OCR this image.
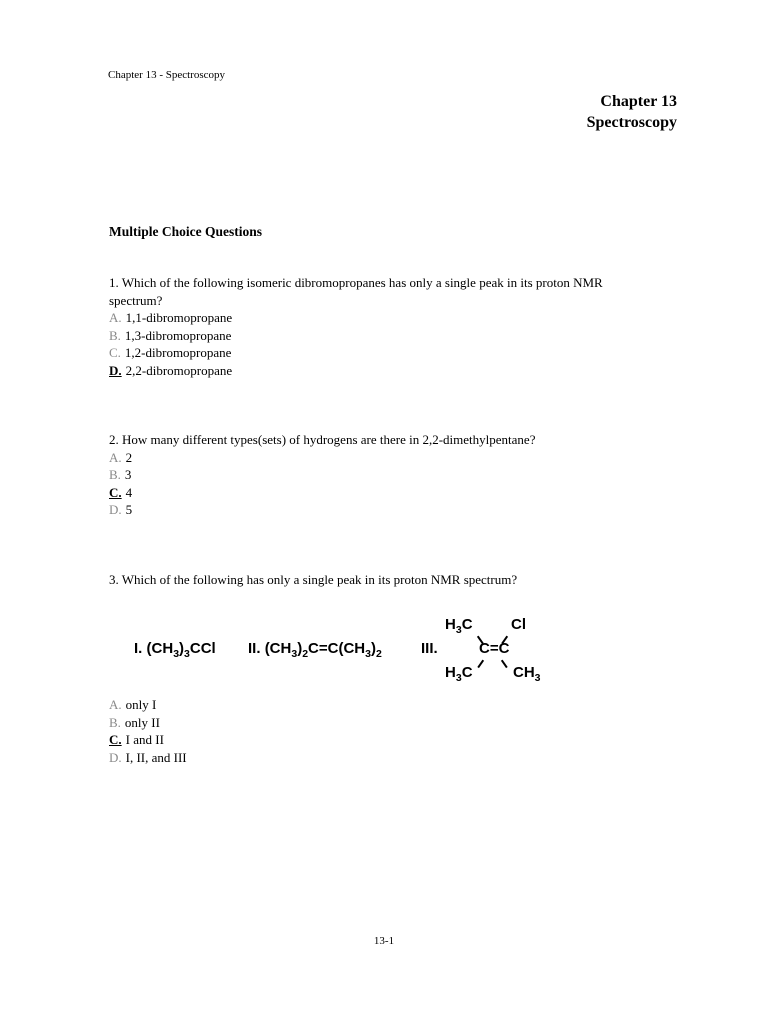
Chapter 13 - Spectroscopy
Chapter 13
Spectroscopy
Multiple Choice Questions

1. Which of the following isomeric dibromopropanes has only a single peak in its proton NMR spectrum?

A. 1,1-dibromopropane

B. 1,3-dibromopropane

C. 1,2-dibromopropane

D. 2,2-dibromopropane

2. How many different types(sets) of hydrogens are there in 2,2-dimethylpentane?

A. 2

B. 3

C. 4

D. 5

3. Which of the following has only a single peak in its proton NMR spectrum?

I. $(CH_3)_3CCl$ II. $(CH_3)_2C=C(CH_3)_2$	III.
$H_3C$	Cl
C=C
$H_3C$	$CH_3$

A. only I

B. only II

C. I and II

D. I, II, and III

13-1
